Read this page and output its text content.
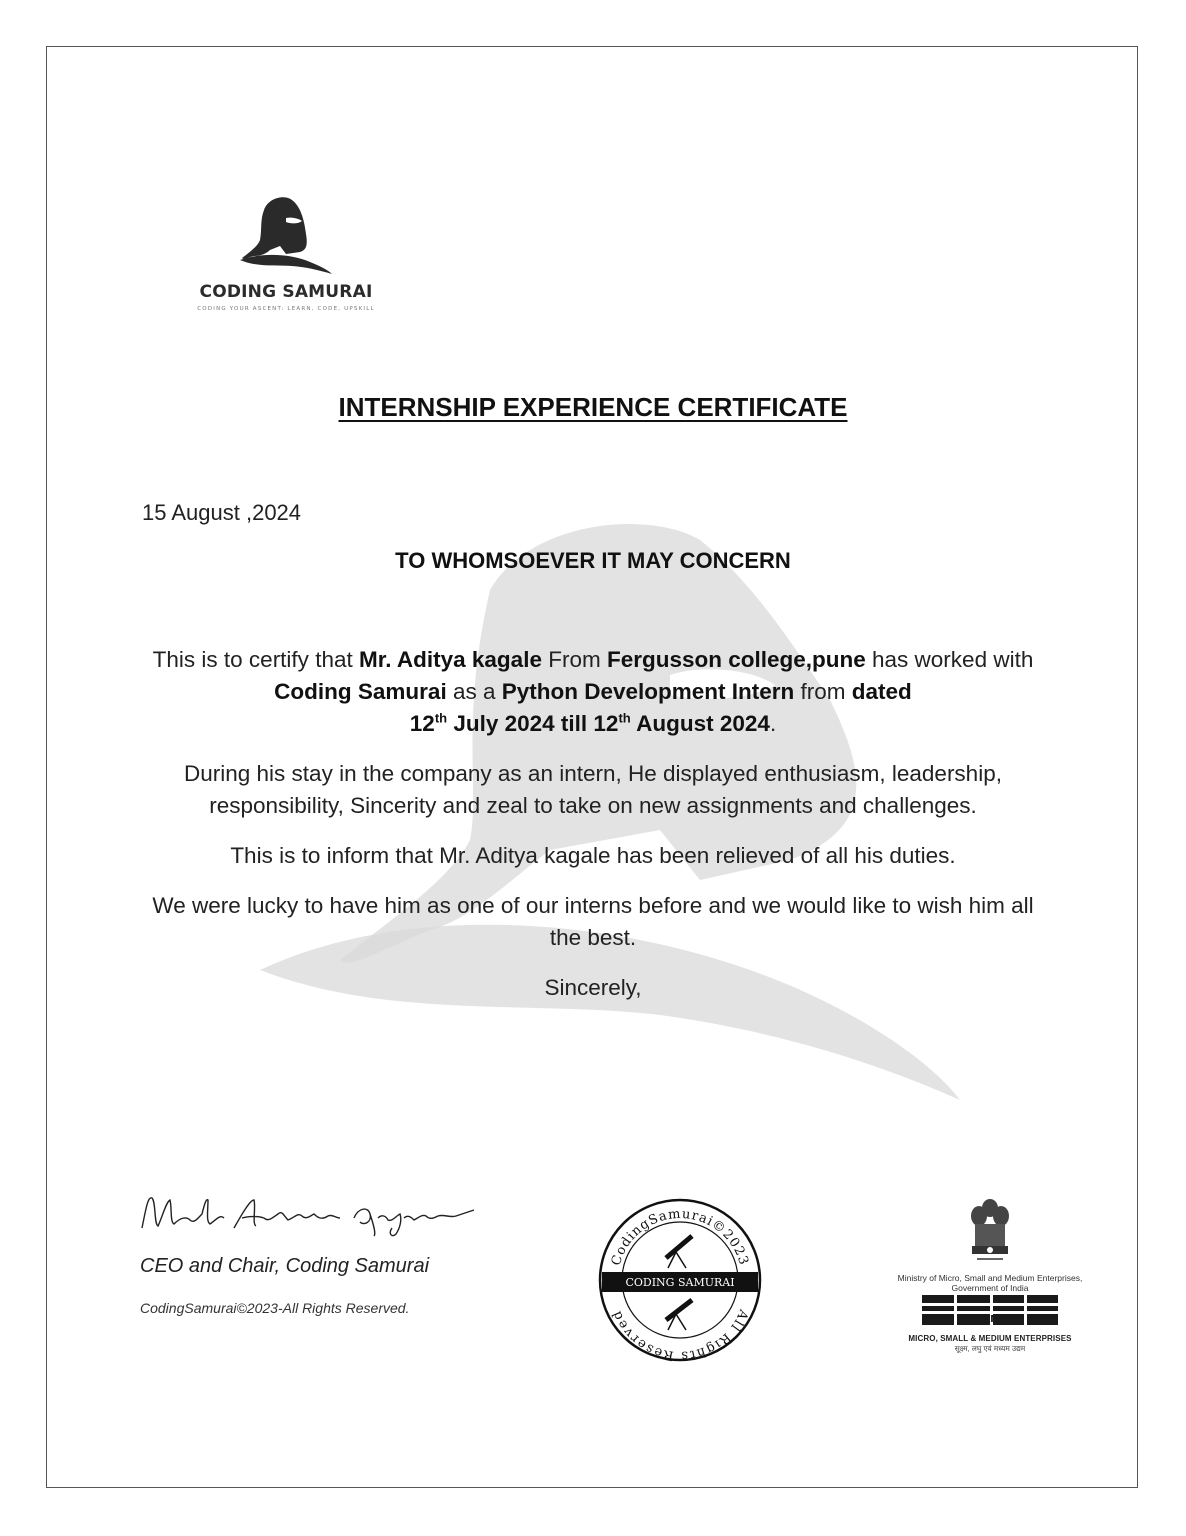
CODING SAMURAI
CODING YOUR ASCENT: LEARN, CODE, UPSKILL
INTERNSHIP EXPERIENCE CERTIFICATE
15 August ,2024
TO WHOMSOEVER IT MAY CONCERN

This is to certify that Mr. Aditya kagale From Fergusson college,pune has worked with Coding Samurai as a Python Development Intern from dated
12th July 2024 till 12th August 2024.

During his stay in the company as an intern, He displayed enthusiasm, leadership, responsibility, Sincerity and zeal to take on new assignments and challenges.

This is to inform that Mr. Aditya kagale has been relieved of all his duties.

We were lucky to have him as one of our interns before and we would like to wish him all the best.

Sincerely,

CEO and Chair, Coding Samurai
CodingSamurai©2023-All Rights Reserved.
CodingSamurai©2023
All Rights Reserved
CODING SAMURAI	Ministry of Micro, Small and Medium Enterprises,
Government of India
MSME
MICRO, SMALL & MEDIUM ENTERPRISES
सूक्ष्म, लघु एवं मध्यम उद्यम
